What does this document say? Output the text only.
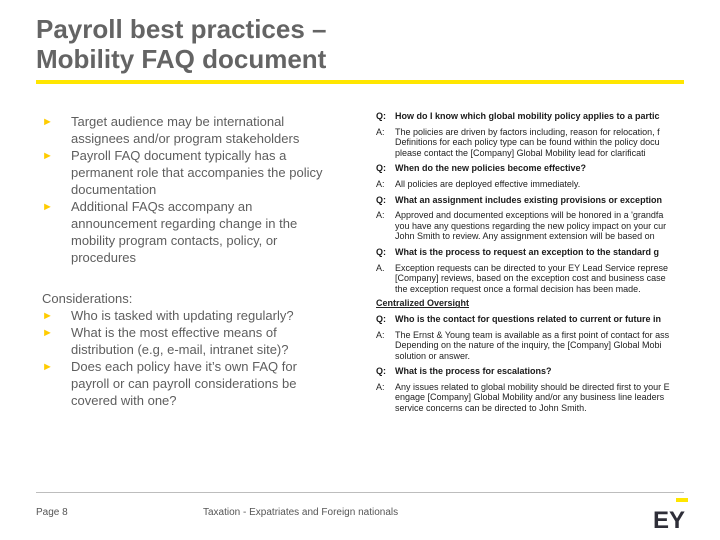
Payroll best practices –
Mobility FAQ document
► Target audience may be international assignees and/or program stakeholders
► Payroll FAQ document typically has a permanent role that accompanies the policy documentation
► Additional FAQs accompany an announcement regarding change in the mobility program contacts, policy, or procedures
Considerations:
► Who is tasked with updating regularly?
► What is the most effective means of distribution (e.g, e-mail, intranet site)?
► Does each policy have it’s own FAQ for payroll or can payroll considerations be covered with one?
Q:	How do I know which global mobility policy applies to a partic
A:	The policies are driven by factors including, reason for relocation, f
Definitions for each policy type can be found within the policy docu
please contact the [Company] Global Mobility lead for clarificati
Q:	When do the new policies become effective?
A:	All policies are deployed effective immediately.
Q:	What an assignment includes existing provisions or exception
A:	Approved and documented exceptions will be honored in a 'grandfa
you have any questions regarding the new policy impact on your cur
John Smith to review. Any assignment extension will be based on
Q:	What is the process to request an exception to the standard g
A.	Exception requests can be directed to your EY Lead Service represe
[Company] reviews, based on the exception cost and business case
the exception request once a formal decision has been made.
Centralized Oversight
Q:	Who is the contact for questions related to current or future in
A:	The Ernst & Young team is available as a first point of contact for ass
Depending on the nature of the inquiry, the [Company] Global Mobi
solution or answer.
Q:	What is the process for escalations?
A:	Any issues related to global mobility should be directed first to your E
engage [Company] Global Mobility and/or any business line leaders
service concerns can be directed to John Smith.
Page 8	Taxation - Expatriates and Foreign nationals	EY
